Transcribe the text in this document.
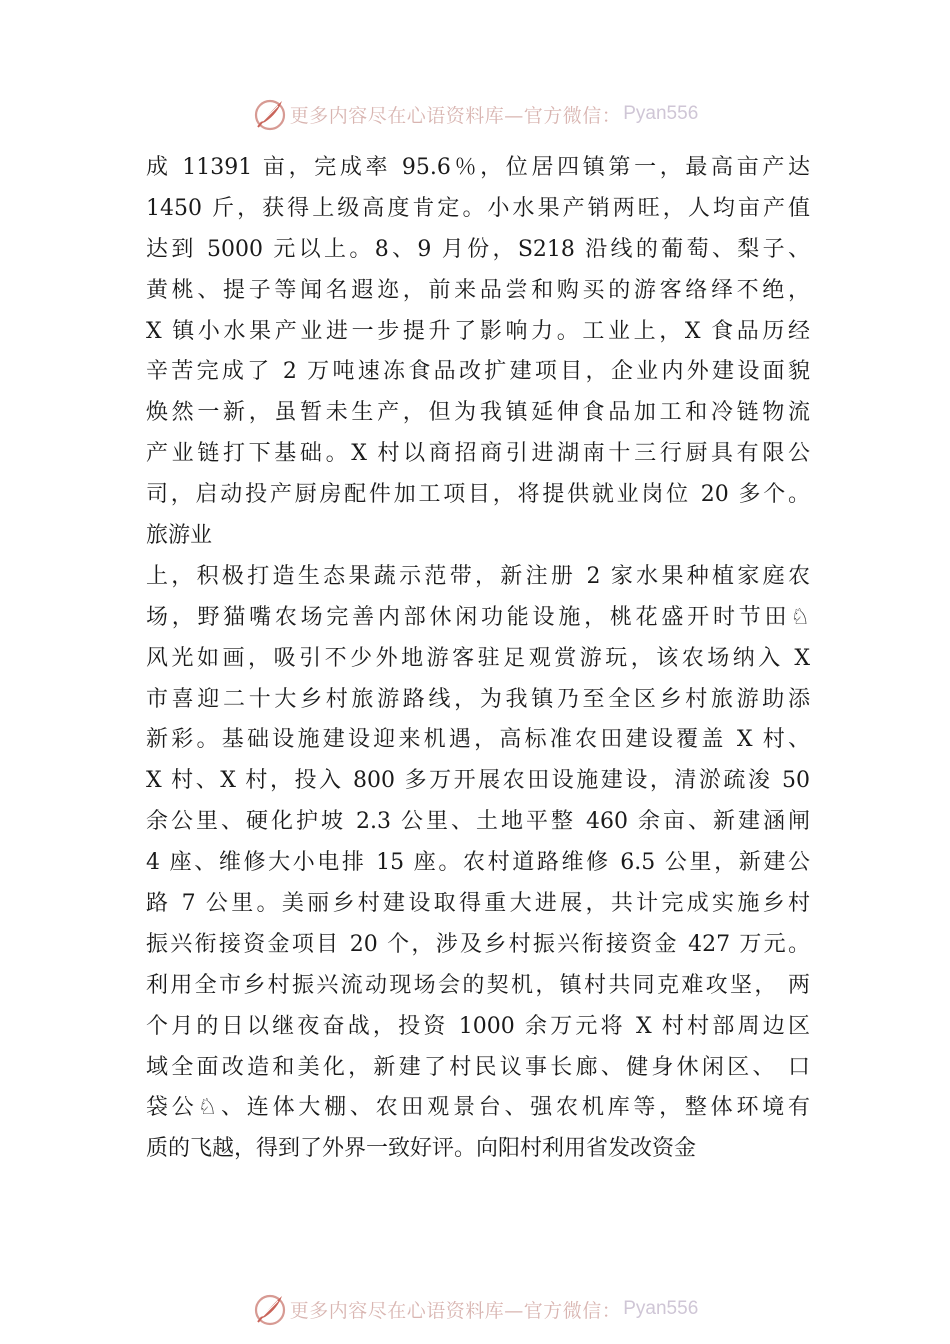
更多内容尽在心语资料库—官方微信： Pyan556
成 11391 亩，完成率 95.6％，位居四镇第一，最高亩产达
1450 斤，获得上级高度肯定。小水果产销两旺，人均亩产值
达到 5000 元以上。8、9 月份，S218 沿线的葡萄、梨子、
黄桃、提子等闻名遐迩，前来品尝和购买的游客络绎不绝，
X 镇小水果产业进一步提升了影响力。工业上，X 食品历经
辛苦完成了 2 万吨速冻食品改扩建项目，企业内外建设面貌
焕然一新，虽暂未生产，但为我镇延伸食品加工和冷链物流
产业链打下基础。X 村以商招商引进湖南十三行厨具有限公
司，启动投产厨房配件加工项目，将提供就业岗位 20 多个。
旅游业
上，积极打造生态果蔬示范带，新注册 2 家水果种植家庭农
场，野猫嘴农场完善内部休闲功能设施，桃花盛开时节田♘
风光如画，吸引不少外地游客驻足观赏游玩，该农场纳入 X
市喜迎二十大乡村旅游路线，为我镇乃至全区乡村旅游助添
新彩。基础设施建设迎来机遇，高标准农田建设覆盖 X 村、
X 村、X 村，投入 800 多万开展农田设施建设，清淤疏浚 50
余公里、硬化护坡 2.3 公里、土地平整 460 余亩、新建涵闸
4 座、维修大小电排 15 座。农村道路维修 6.5 公里，新建公
路 7 公里。美丽乡村建设取得重大进展，共计完成实施乡村
振兴衔接资金项目 20 个，涉及乡村振兴衔接资金 427 万元。
利用全市乡村振兴流动现场会的契机，镇村共同克难攻坚， 两
个月的日以继夜奋战，投资 1000 余万元将 X 村村部周边区
域全面改造和美化，新建了村民议事长廊、健身休闲区、 口
袋公♘、连体大棚、农田观景台、强农机库等，整体环境有
质的飞越，得到了外界一致好评。向阳村利用省发改资金
更多内容尽在心语资料库—官方微信： Pyan556
